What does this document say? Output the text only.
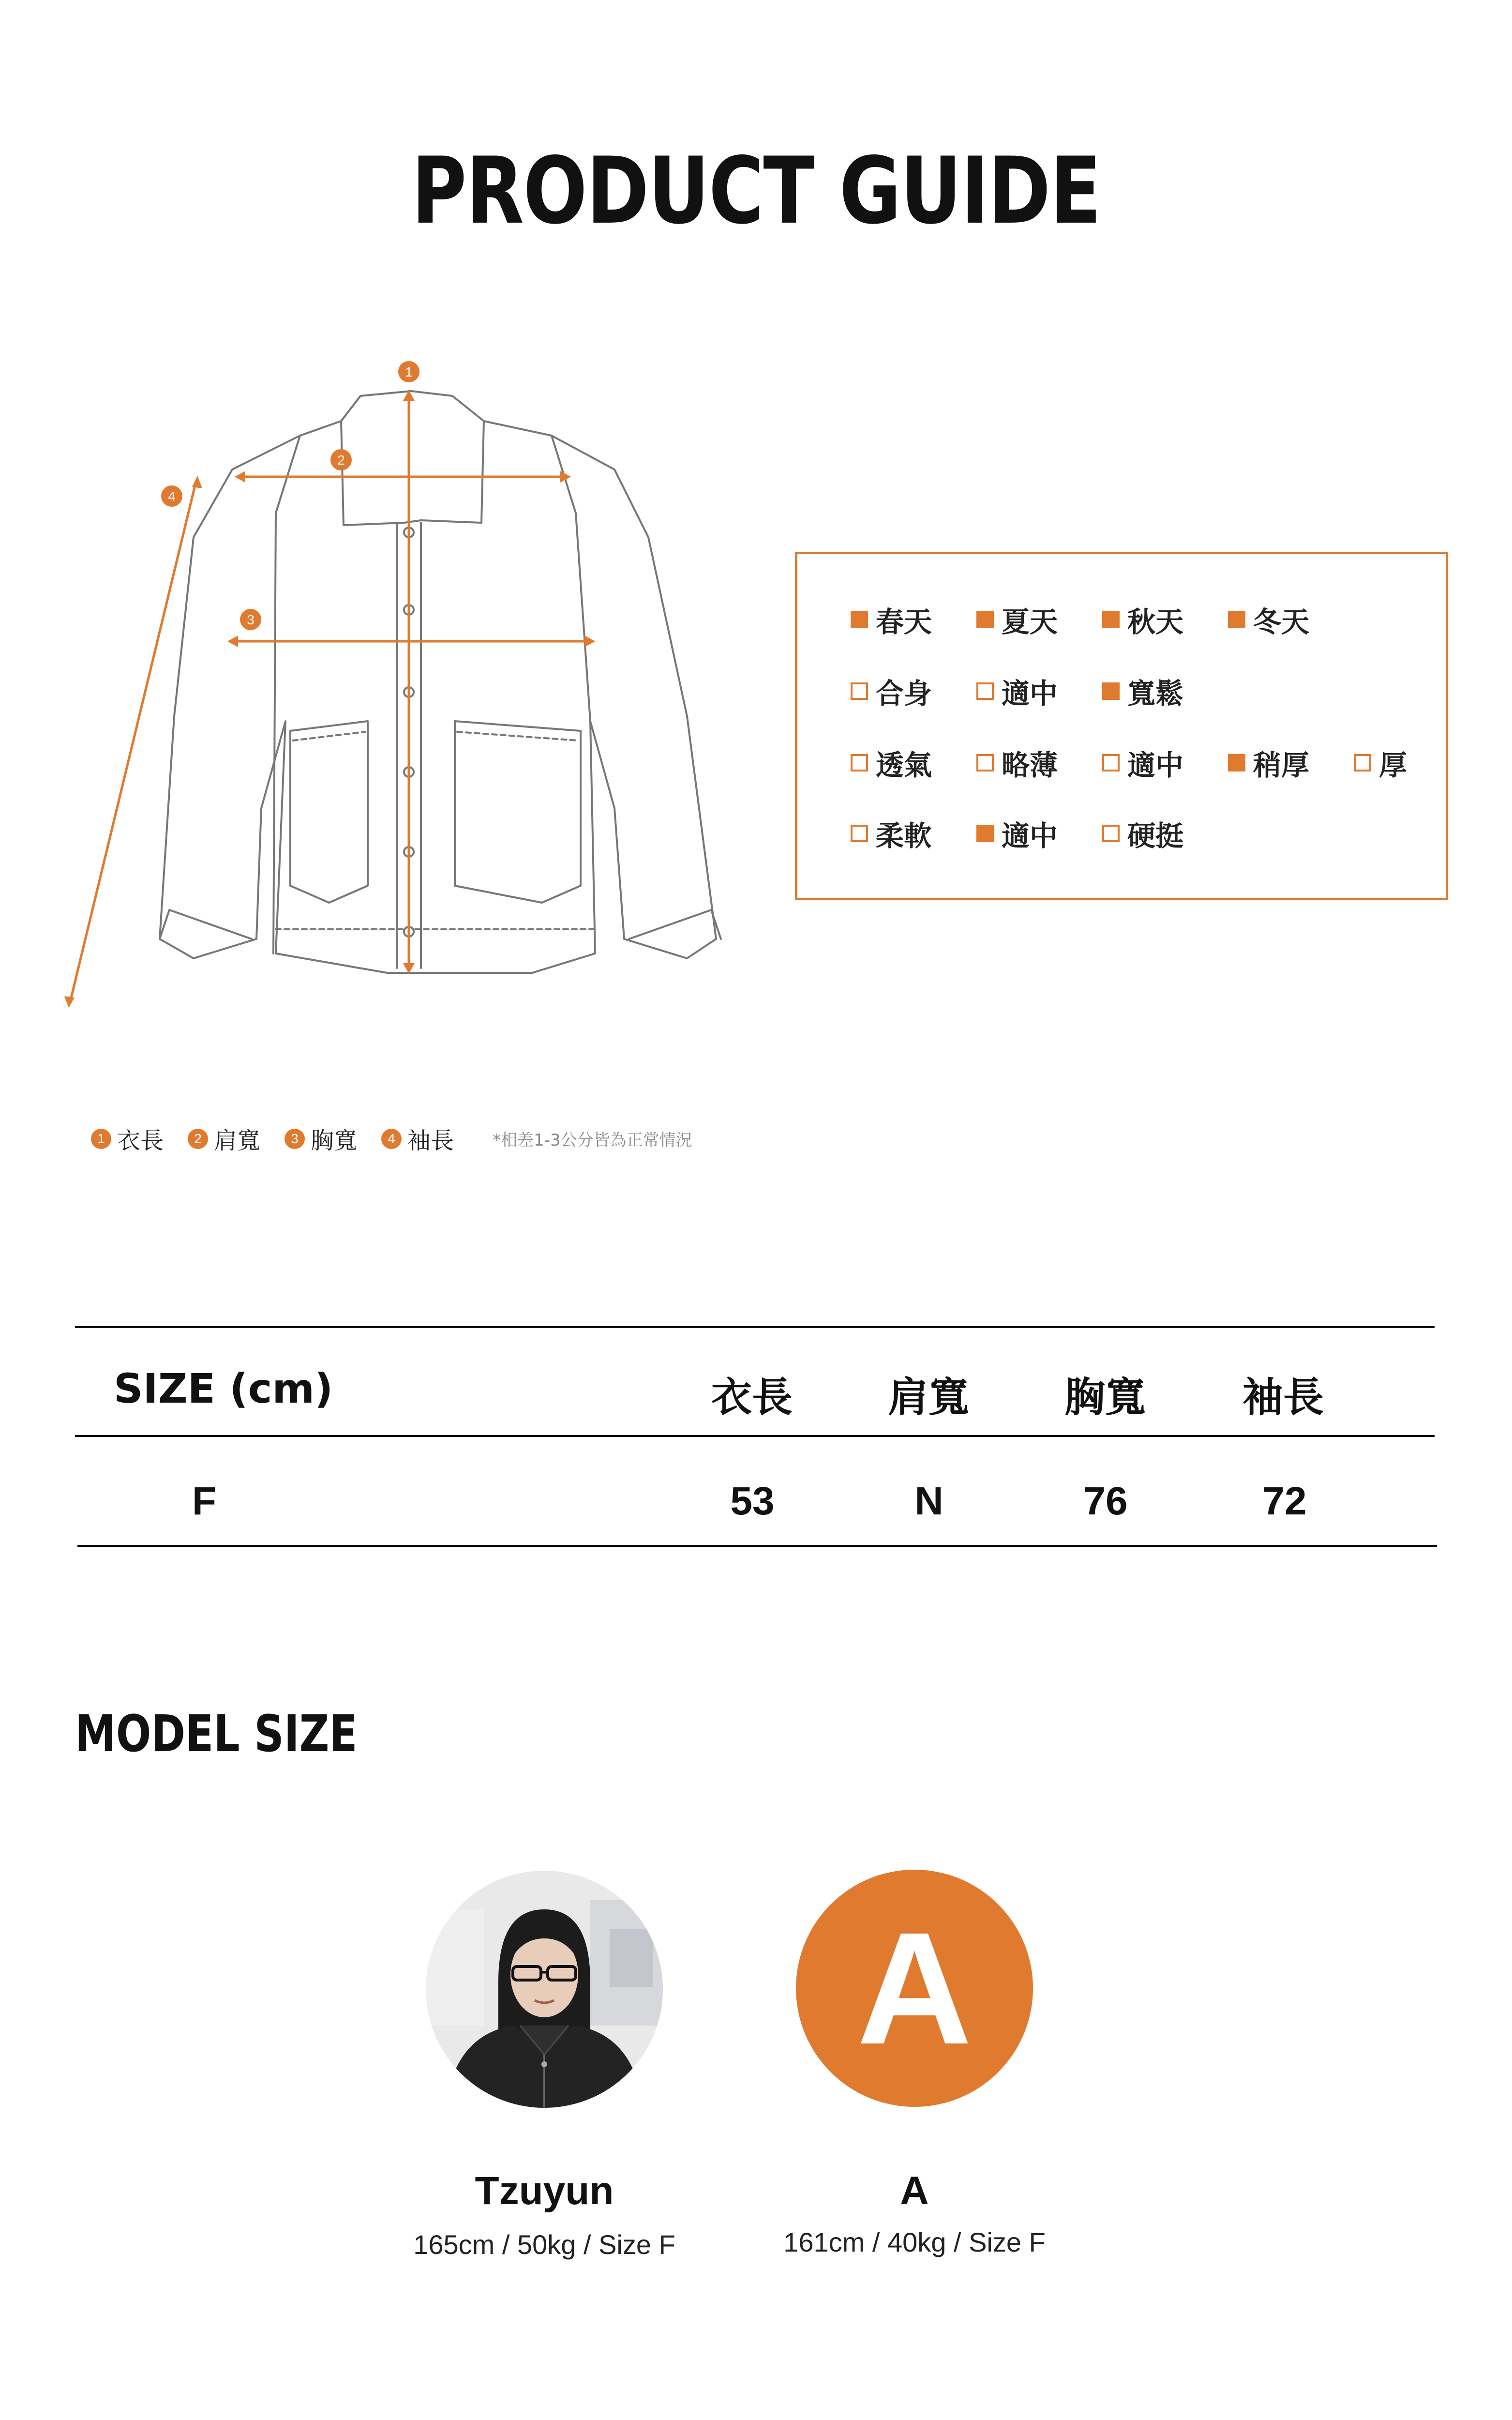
PRODUCT GUIDE
1
2
3
4
春天 夏天 秋天 冬天
合身 適中 寬鬆
透氣 略薄 適中 稍厚 厚
柔軟 適中 硬挺
1 衣長	2 肩寬	3 胸寬	4 袖長 *相差1-3公分皆為正常情況
SIZE (cm)	衣長 肩寬 胸寬 袖長
F	53	N	76	72
MODEL SIZE
Tzuyun
165cm / 50kg / Size F
A
A
161cm / 40kg / Size F
